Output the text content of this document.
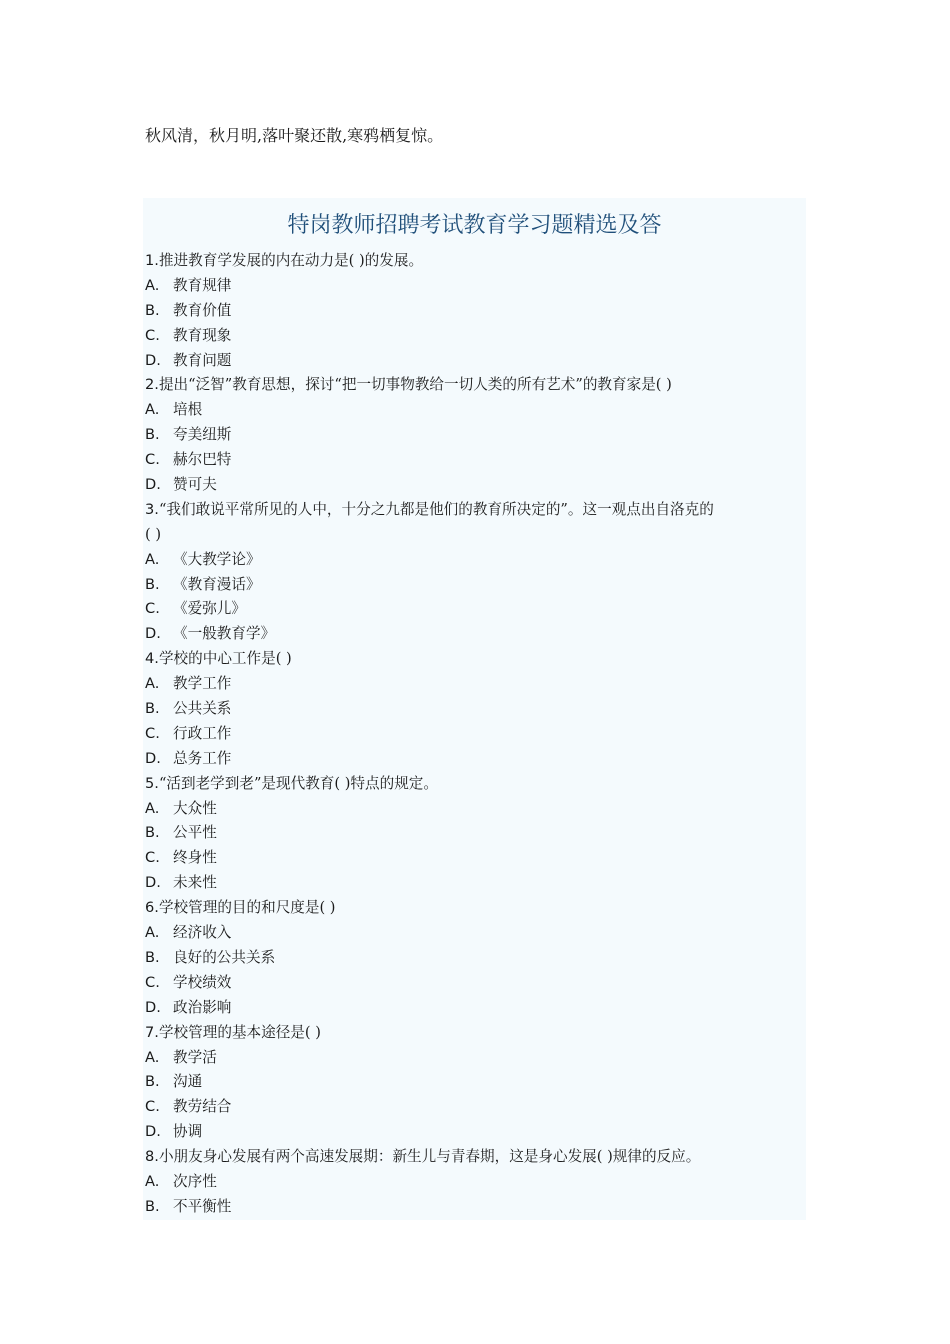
秋风清，秋月明,落叶聚还散,寒鸦栖复惊。
特岗教师招聘考试教育学习题精选及答
1.推进教育学发展的内在动力是( )的发展。
A. 教育规律
B. 教育价值
C. 教育现象
D. 教育问题
2.提出“泛智”教育思想，探讨“把一切事物教给一切人类的所有艺术”的教育家是( )
A. 培根
B. 夸美纽斯
C. 赫尔巴特
D. 赞可夫
3.“我们敢说平常所见的人中，十分之九都是他们的教育所决定的”。这一观点出自洛克的
( )
A. 《大教学论》
B. 《教育漫话》
C. 《爱弥儿》
D. 《一般教育学》
4.学校的中心工作是( )
A. 教学工作
B. 公共关系
C. 行政工作
D. 总务工作
5.“活到老学到老”是现代教育( )特点的规定。
A. 大众性
B. 公平性
C. 终身性
D. 未来性
6.学校管理的目的和尺度是( )
A. 经济收入
B. 良好的公共关系
C. 学校绩效
D. 政治影响
7.学校管理的基本途径是( )
A. 教学活
B. 沟通
C. 教劳结合
D. 协调
8.小朋友身心发展有两个高速发展期：新生儿与青春期，这是身心发展( )规律的反应。
A. 次序性
B. 不平衡性
